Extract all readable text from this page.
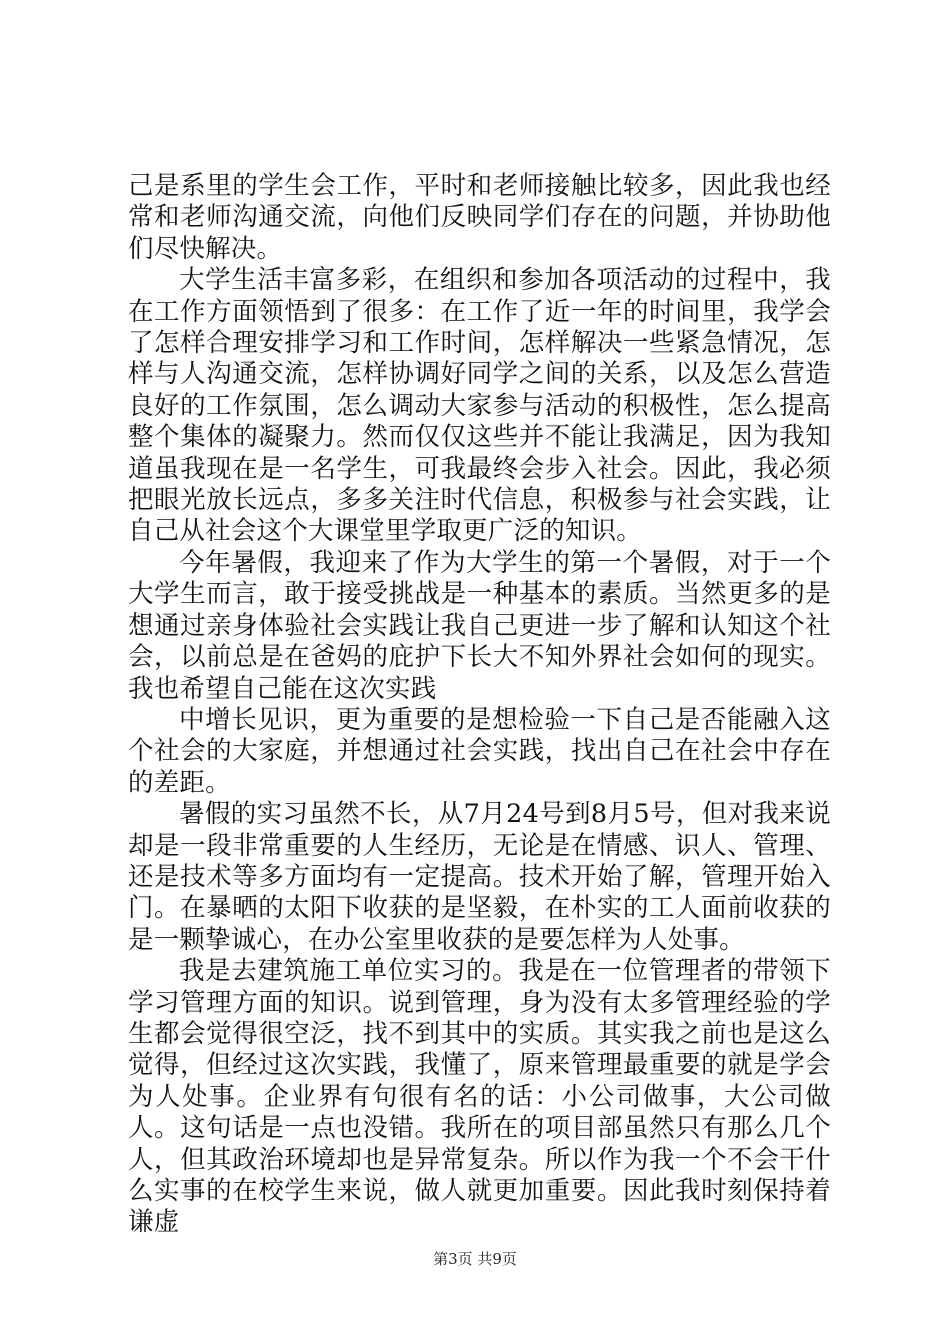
己是系里的学生会工作，平时和老师接触比较多，因此我也经常和老师沟通交流，向他们反映同学们存在的问题，并协助他们尽快解决。

大学生活丰富多彩，在组织和参加各项活动的过程中，我在工作方面领悟到了很多：在工作了近一年的时间里，我学会了怎样合理安排学习和工作时间，怎样解决一些紧急情况，怎样与人沟通交流，怎样协调好同学之间的关系，以及怎么营造良好的工作氛围，怎么调动大家参与活动的积极性，怎么提高整个集体的凝聚力。然而仅仅这些并不能让我满足，因为我知道虽我现在是一名学生，可我最终会步入社会。因此，我必须把眼光放长远点，多多关注时代信息，积极参与社会实践，让自己从社会这个大课堂里学取更广泛的知识。

今年暑假，我迎来了作为大学生的第一个暑假，对于一个大学生而言，敢于接受挑战是一种基本的素质。当然更多的是想通过亲身体验社会实践让我自己更进一步了解和认知这个社会，以前总是在爸妈的庇护下长大不知外界社会如何的现实。我也希望自己能在这次实践

中增长见识，更为重要的是想检验一下自己是否能融入这个社会的大家庭，并想通过社会实践，找出自己在社会中存在的差距。

暑假的实习虽然不长，从7月24号到8月5号，但对我来说却是一段非常重要的人生经历，无论是在情感、识人、管理、还是技术等多方面均有一定提高。技术开始了解，管理开始入门。在暴晒的太阳下收获的是坚毅，在朴实的工人面前收获的是一颗挚诚心，在办公室里收获的是要怎样为人处事。

我是去建筑施工单位实习的。我是在一位管理者的带领下学习管理方面的知识。说到管理，身为没有太多管理经验的学生都会觉得很空泛，找不到其中的实质。其实我之前也是这么觉得，但经过这次实践，我懂了，原来管理最重要的就是学会为人处事。企业界有句很有名的话：小公司做事，大公司做人。这句话是一点也没错。我所在的项目部虽然只有那么几个人，但其政治环境却也是异常复杂。所以作为我一个不会干什么实事的在校学生来说，做人就更加重要。因此我时刻保持着谦虚

第3页 共9页
